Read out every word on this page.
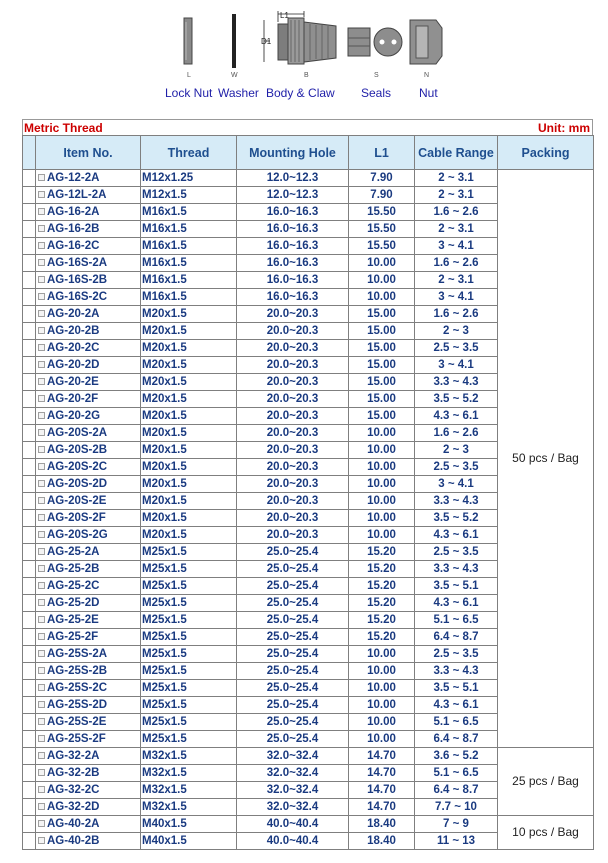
L1
D1
L	W	B	S	N
Lock Nut Washer Body & Claw Seals Nut
Metric Thread	Unit: mm
	Item No.	Thread	Mounting Hole	L1	Cable Range	Packing
	AG-12-2A	M12x1.25	12.0~12.3	7.90	2 ~ 3.1	50 pcs / Bag
	AG-12L-2A	M12x1.5	12.0~12.3	7.90	2 ~ 3.1	
	AG-16-2A	M16x1.5	16.0~16.3	15.50	1.6 ~ 2.6	
	AG-16-2B	M16x1.5	16.0~16.3	15.50	2 ~ 3.1	
	AG-16-2C	M16x1.5	16.0~16.3	15.50	3 ~ 4.1	
	AG-16S-2A	M16x1.5	16.0~16.3	10.00	1.6 ~ 2.6	
	AG-16S-2B	M16x1.5	16.0~16.3	10.00	2 ~ 3.1	
	AG-16S-2C	M16x1.5	16.0~16.3	10.00	3 ~ 4.1	
	AG-20-2A	M20x1.5	20.0~20.3	15.00	1.6 ~ 2.6	
	AG-20-2B	M20x1.5	20.0~20.3	15.00	2 ~ 3	
	AG-20-2C	M20x1.5	20.0~20.3	15.00	2.5 ~ 3.5	
	AG-20-2D	M20x1.5	20.0~20.3	15.00	3 ~ 4.1	
	AG-20-2E	M20x1.5	20.0~20.3	15.00	3.3 ~ 4.3	
	AG-20-2F	M20x1.5	20.0~20.3	15.00	3.5 ~ 5.2	
	AG-20-2G	M20x1.5	20.0~20.3	15.00	4.3 ~ 6.1	
	AG-20S-2A	M20x1.5	20.0~20.3	10.00	1.6 ~ 2.6	
	AG-20S-2B	M20x1.5	20.0~20.3	10.00	2 ~ 3	
	AG-20S-2C	M20x1.5	20.0~20.3	10.00	2.5 ~ 3.5	
	AG-20S-2D	M20x1.5	20.0~20.3	10.00	3 ~ 4.1	
	AG-20S-2E	M20x1.5	20.0~20.3	10.00	3.3 ~ 4.3	
	AG-20S-2F	M20x1.5	20.0~20.3	10.00	3.5 ~ 5.2	
	AG-20S-2G	M20x1.5	20.0~20.3	10.00	4.3 ~ 6.1	
	AG-25-2A	M25x1.5	25.0~25.4	15.20	2.5 ~ 3.5	
	AG-25-2B	M25x1.5	25.0~25.4	15.20	3.3 ~ 4.3	
	AG-25-2C	M25x1.5	25.0~25.4	15.20	3.5 ~ 5.1	
	AG-25-2D	M25x1.5	25.0~25.4	15.20	4.3 ~ 6.1	
	AG-25-2E	M25x1.5	25.0~25.4	15.20	5.1 ~ 6.5	
	AG-25-2F	M25x1.5	25.0~25.4	15.20	6.4 ~ 8.7	
	AG-25S-2A	M25x1.5	25.0~25.4	10.00	2.5 ~ 3.5	
	AG-25S-2B	M25x1.5	25.0~25.4	10.00	3.3 ~ 4.3	
	AG-25S-2C	M25x1.5	25.0~25.4	10.00	3.5 ~ 5.1	
	AG-25S-2D	M25x1.5	25.0~25.4	10.00	4.3 ~ 6.1	
	AG-25S-2E	M25x1.5	25.0~25.4	10.00	5.1 ~ 6.5	
	AG-25S-2F	M25x1.5	25.0~25.4	10.00	6.4 ~ 8.7	
	AG-32-2A	M32x1.5	32.0~32.4	14.70	3.6 ~ 5.2	25 pcs / Bag
	AG-32-2B	M32x1.5	32.0~32.4	14.70	5.1 ~ 6.5	
	AG-32-2C	M32x1.5	32.0~32.4	14.70	6.4 ~ 8.7	
	AG-32-2D	M32x1.5	32.0~32.4	14.70	7.7 ~ 10	
	AG-40-2A	M40x1.5	40.0~40.4	18.40	7 ~ 9	10 pcs / Bag
	AG-40-2B	M40x1.5	40.0~40.4	18.40	11 ~ 13	
